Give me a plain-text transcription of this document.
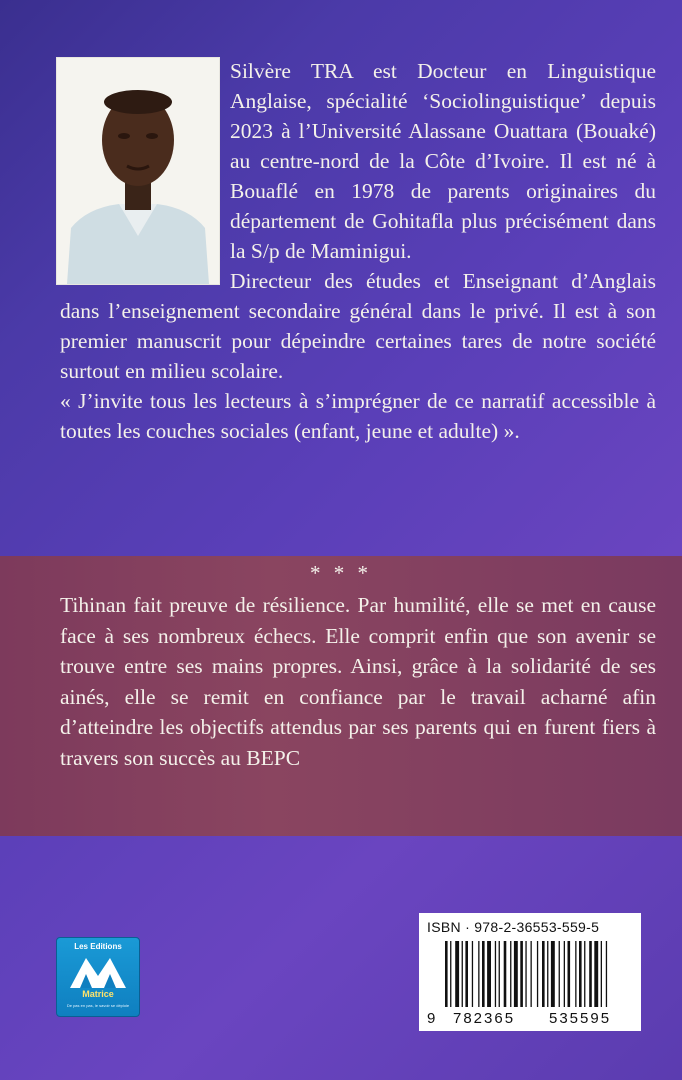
Silvère TRA est Docteur en Linguistique Anglaise, spécialité ‘Sociolinguistique’ depuis 2023 à l’Université Alassane Ouattara (Bouaké) au centre-nord de la Côte d’Ivoire. Il est né à Bouaflé en 1978 de parents originaires du département de Gohitafla plus précisément dans la S/p de Maminigui.

Directeur des études et Enseignant d’Anglais dans l’enseignement secondaire général dans le privé. Il est à son premier manuscrit pour dépeindre certaines tares de notre société surtout en milieu scolaire.

« J’invite tous les lecteurs à s’imprégner de ce narratif accessible à toutes les couches sociales (enfant, jeune et adulte) ».

* * *

Tihinan fait preuve de résilience. Par humilité, elle se met en cause face à ses nombreux échecs. Elle comprit enfin que son avenir se trouve entre ses mains propres. Ainsi, grâce à la solidarité de ses ainés, elle se remit en confiance par le travail acharné afin d’atteindre les objectifs attendus par ses parents qui en furent fiers à travers son succès au BEPC

Les Editions
Matrice
De pas en pas, le savoir se déploie
ISBN · 978-2-36553-559-5
9 782365 535595
